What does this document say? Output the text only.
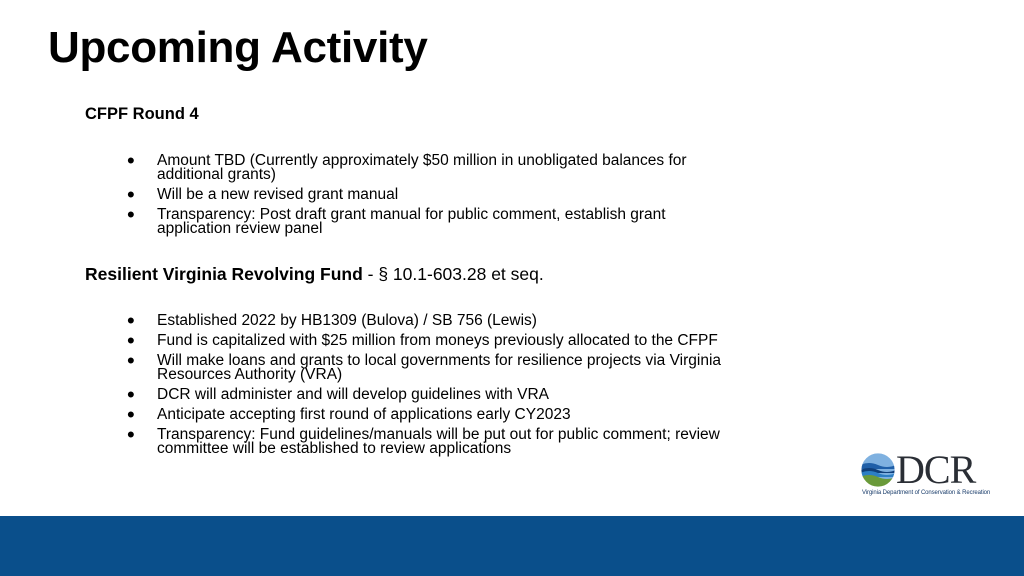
Upcoming Activity
CFPF Round 4
• Amount TBD (Currently approximately $50 million in unobligated balances for additional grants)
• Will be a new revised grant manual
• Transparency: Post draft grant manual for public comment, establish grant application review panel
Resilient Virginia Revolving Fund - § 10.1-603.28 et seq.
• Established 2022 by HB1309 (Bulova) / SB 756 (Lewis)
• Fund is capitalized with $25 million from moneys previously allocated to the CFPF
• Will make loans and grants to local governments for resilience projects via Virginia Resources Authority (VRA)
• DCR will administer and will develop guidelines with VRA
• Anticipate accepting first round of applications early CY2023
• Transparency: Fund guidelines/manuals will be put out for public comment; review committee will be established to review applications	DCR
Virginia Department of Conservation & Recreation
